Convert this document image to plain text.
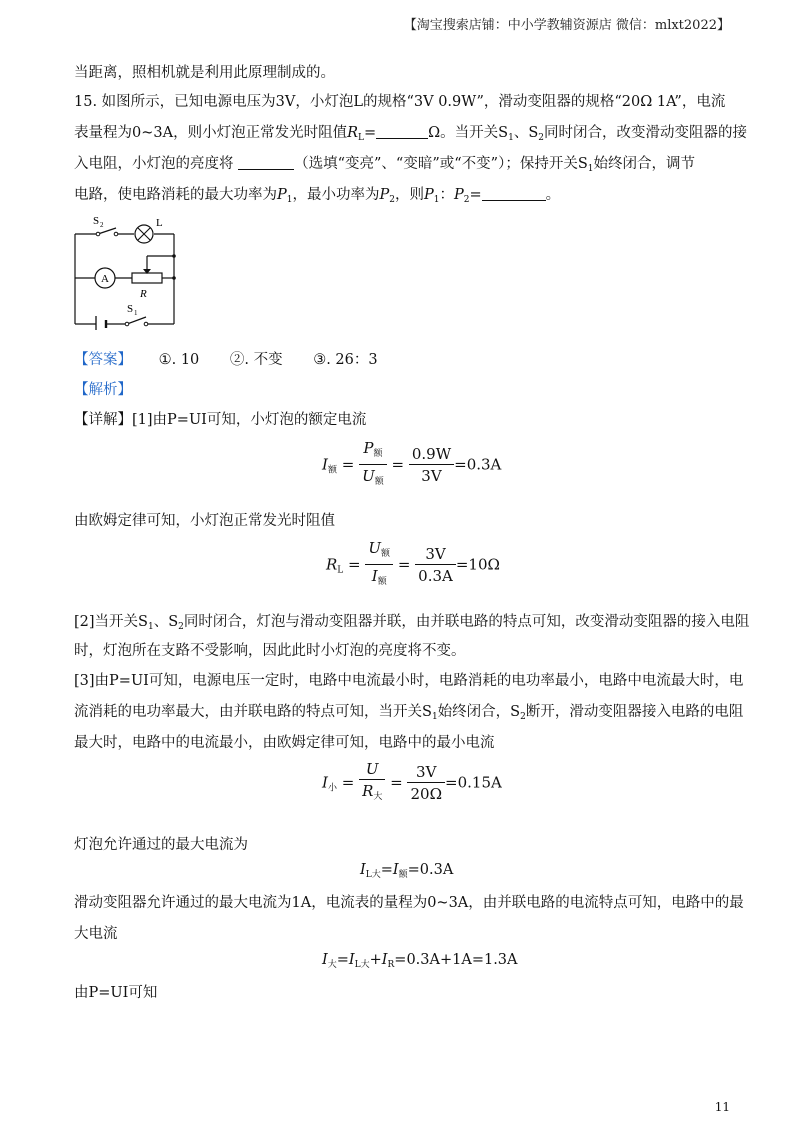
【淘宝搜索店铺：中小学教辅资源店 微信：mlxt2022】
当距离，照相机就是利用此原理制成的。
15. 如图所示，已知电源电压为3V，小灯泡L的规格“3V 0.9W”，滑动变阻器的规格“20Ω 1A”，电流
表量程为0~3A，则小灯泡正常发光时阻值$R_L=$	Ω。当开关$S_1$、$S_2$同时闭合，改变滑动变阻器的接
入电阻，小灯泡的亮度将	（选填“变亮”、“变暗”或“不变”）；保持开关$S_1$始终闭合，调节
电路，使电路消耗的最大功率为$P_1$，最小功率为$P_2$，则$P_1$：$P_2=$	。
S 2	L
A
R
S 1
【答案】 ①. 10 ②. 不变 ③. 26：3
【解析】
【详解】[1]由P=UI可知，小灯泡的额定电流
$I_额 = \frac{P_额}{U_额} = \frac{0.9W}{3V} =0.3A$
由欧姆定律可知，小灯泡正常发光时阻值
$R_L = \frac{U_额}{I_额} = \frac{3V}{0.3A} =10\Omega$
[2]当开关$S_1$、$S_2$同时闭合，灯泡与滑动变阻器并联，由并联电路的特点可知，改变滑动变阻器的接入电阻
时，灯泡所在支路不受影响，因此此时小灯泡的亮度将不变。
[3]由P=UI可知，电源电压一定时，电路中电流最小时，电路消耗的电功率最小，电路中电流最大时，电
流消耗的电功率最大，由并联电路的特点可知，当开关$S_1$始终闭合，$S_2$断开，滑动变阻器接入电路的电阻
最大时，电路中的电流最小，由欧姆定律可知，电路中的最小电流
$I_小 = \frac{U}{R_大} = \frac{3V}{20\Omega} =0.15A$
灯泡允许通过的最大电流为
$I_{L大}=I_额=0.3A$
滑动变阻器允许通过的最大电流为1A，电流表的量程为0~3A，由并联电路的电流特点可知，电路中的最
大电流
$I_大=I_{L大}+I_R=0.3A+1A=1.3A$
由P=UI可知
11
